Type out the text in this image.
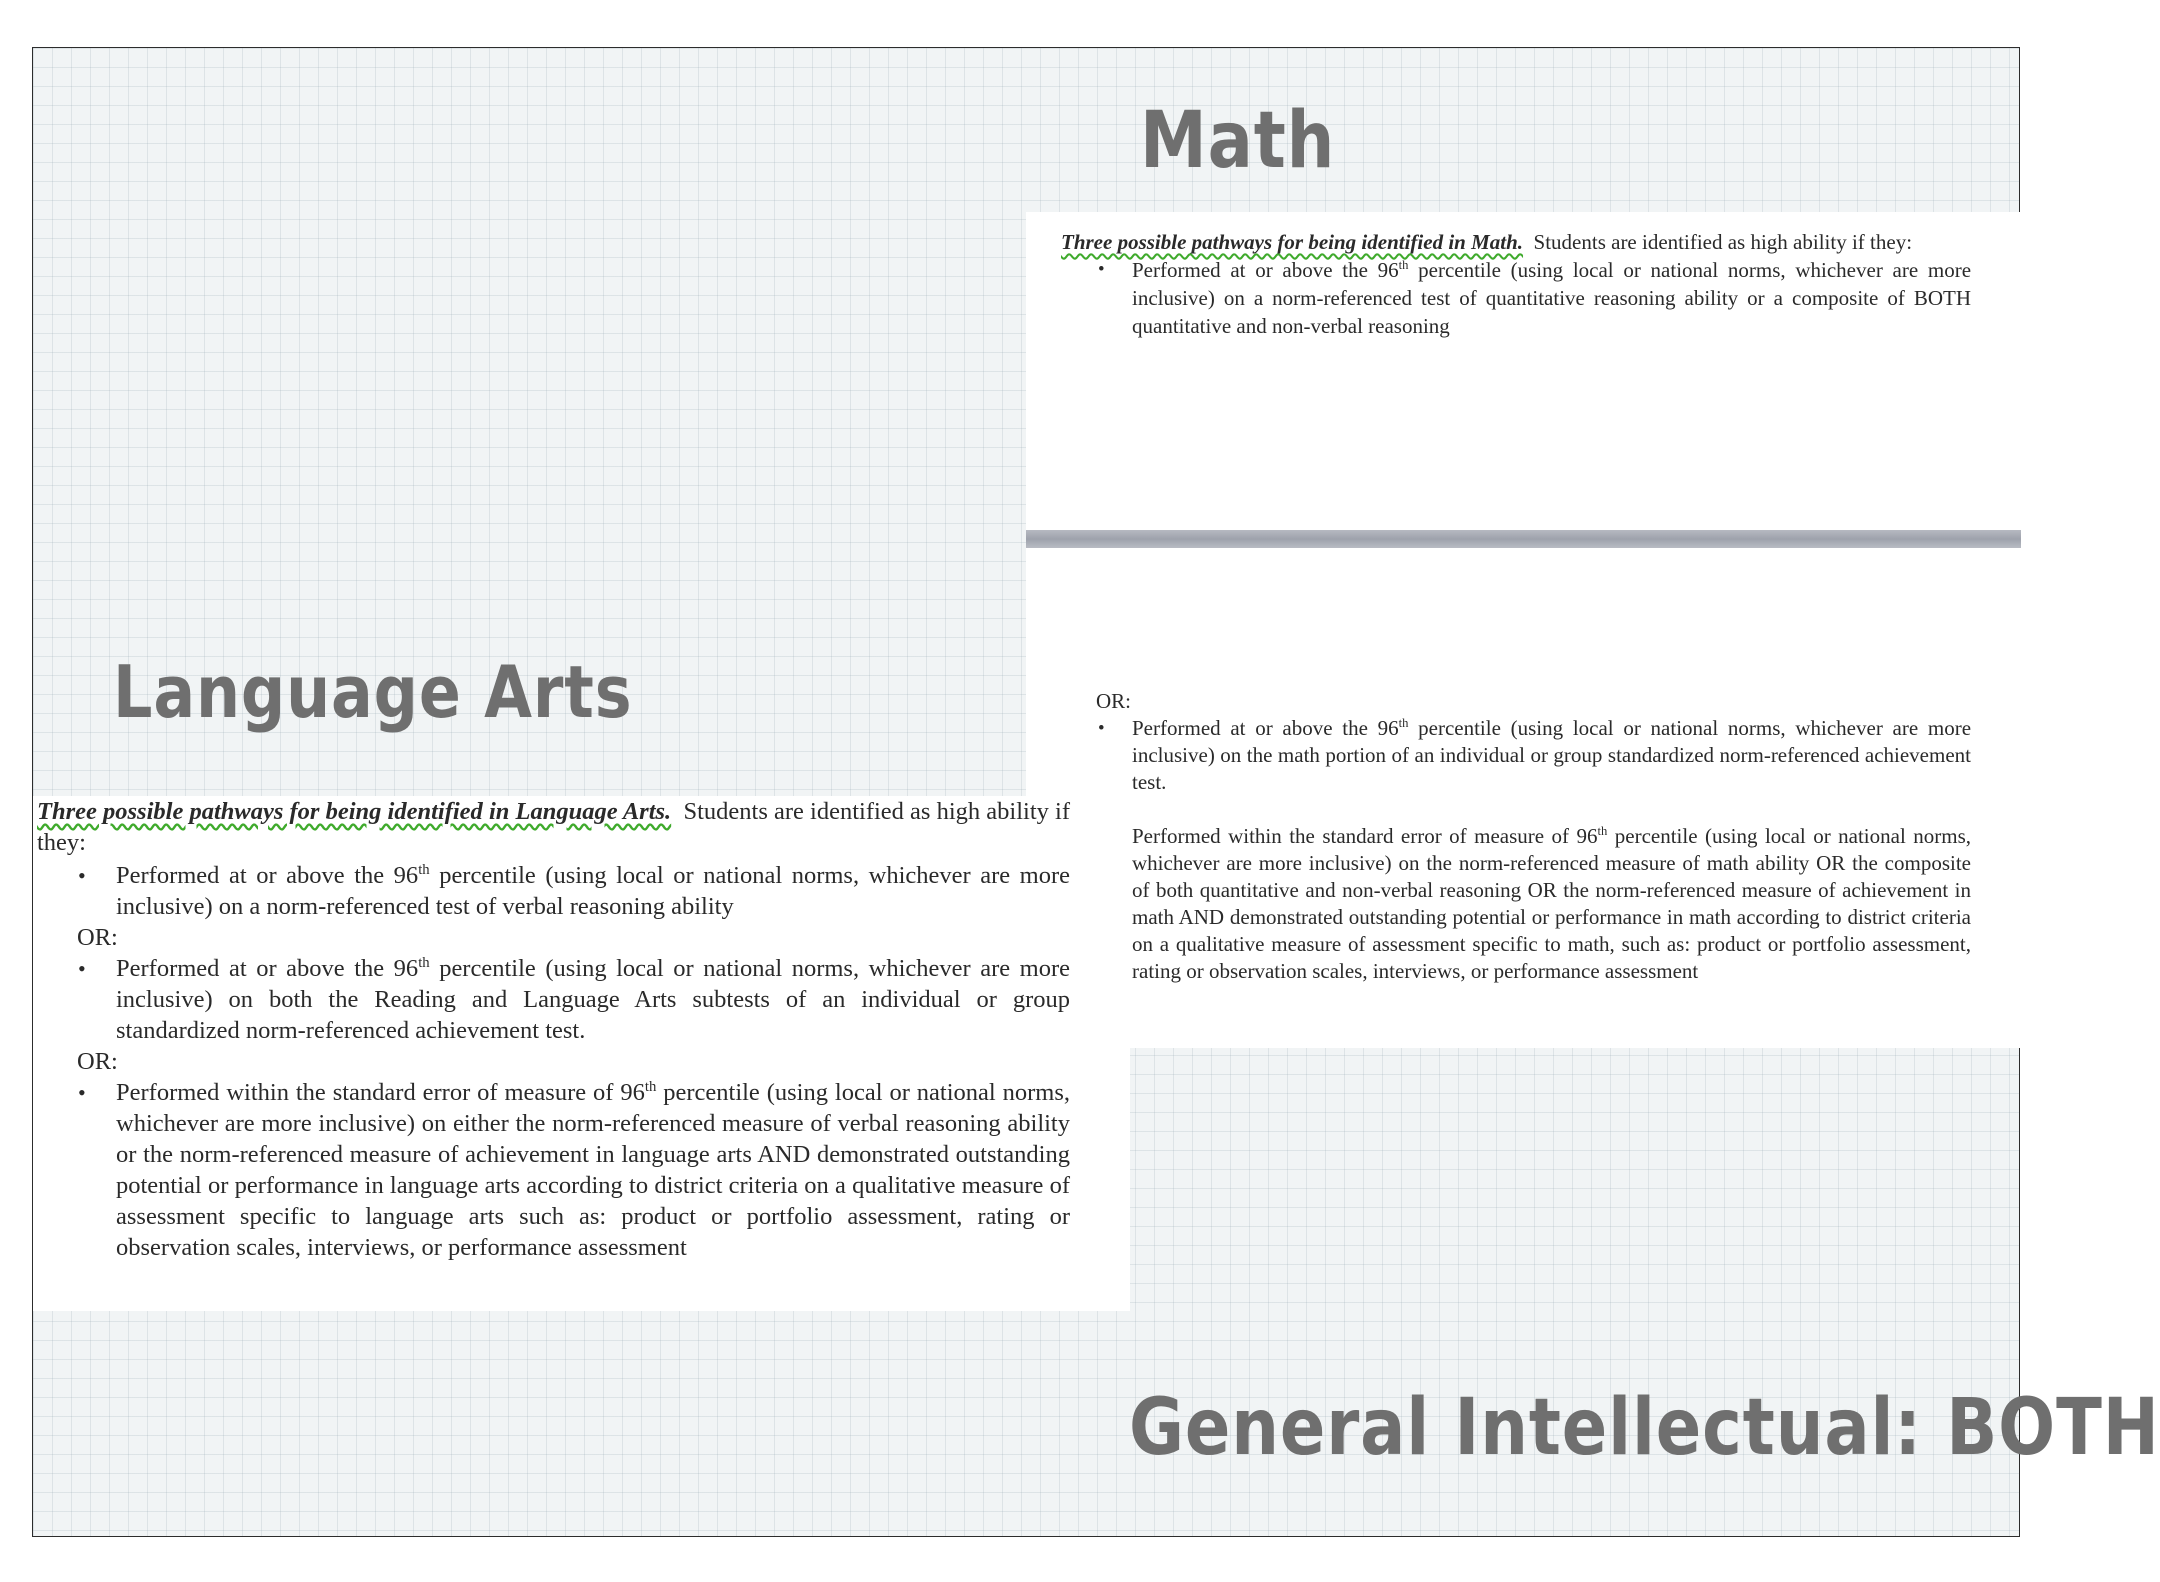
Math

Three possible pathways for being identified in Math. Students are identified as high ability if they:

• Performed at or above the 96th percentile (using local or national norms, whichever are more inclusive) on a norm-referenced test of quantitative reasoning ability or a composite of BOTH quantitative and non-verbal reasoning

OR:

• Performed at or above the 96th percentile (using local or national norms, whichever are more inclusive) on the math portion of an individual or group standardized norm-referenced achievement test.

Performed within the standard error of measure of 96th percentile (using local or national norms, whichever are more inclusive) on the norm-referenced measure of math ability OR the composite of both quantitative and non-verbal reasoning OR the norm-referenced measure of achievement in math AND demonstrated outstanding potential or performance in math according to district criteria on a qualitative measure of assessment specific to math, such as: product or portfolio assessment, rating or observation scales, interviews, or performance assessment

Language Arts

Three possible pathways for being identified in Language Arts. Students are identified as high ability if they:

• Performed at or above the 96th percentile (using local or national norms, whichever are more inclusive) on a norm-referenced test of verbal reasoning ability

OR:

• Performed at or above the 96th percentile (using local or national norms, whichever are more inclusive) on both the Reading and Language Arts subtests of an individual or group standardized norm-referenced achievement test.

OR:

• Performed within the standard error of measure of 96th percentile (using local or national norms, whichever are more inclusive) on either the norm-referenced measure of verbal reasoning ability or the norm-referenced measure of achievement in language arts AND demonstrated outstanding potential or performance in language arts according to district criteria on a qualitative measure of assessment specific to language arts such as: product or portfolio assessment, rating or observation scales, interviews, or performance assessment

General Intellectual: BOTH
